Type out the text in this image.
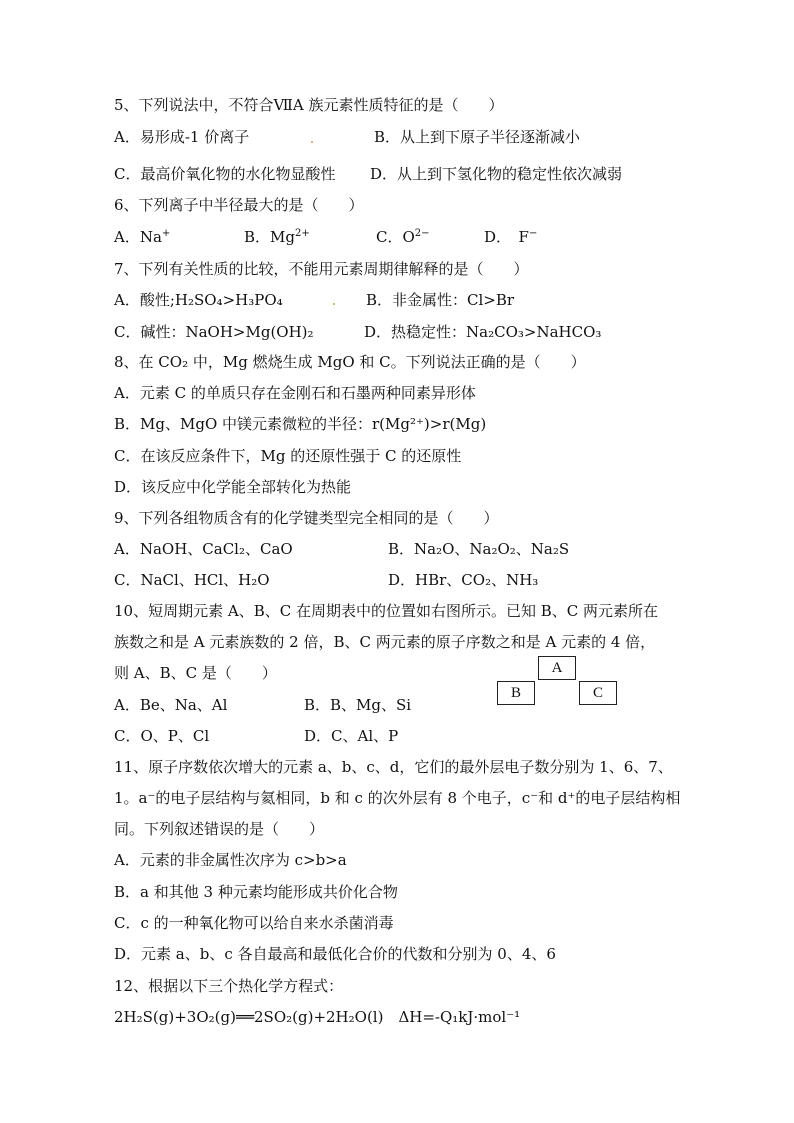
5、下列说法中，不符合ⅦA 族元素性质特征的是（　　）
A．易形成-1 价离子	B．从上到下原子半径逐渐减小
C．最高价氧化物的水化物显酸性 D．从上到下氢化物的稳定性依次减弱
6、下列离子中半径最大的是（　　）
A．Na+	B．$Mg^{2+}$	C．$O^{2-}$	D．　F−
7、下列有关性质的比较，不能用元素周期律解释的是（　　）
A．酸性;H₂SO₄>H₃PO₄	B．非金属性：Cl>Br
C．碱性：NaOH>Mg(OH)₂	D．热稳定性：Na₂CO₃>NaHCO₃
8、在 CO₂ 中，Mg 燃烧生成 MgO 和 C。下列说法正确的是（　　）
A．元素 C 的单质只存在金刚石和石墨两种同素异形体
B．Mg、MgO 中镁元素微粒的半径：r(Mg²⁺)>r(Mg)
C．在该反应条件下，Mg 的还原性强于 C 的还原性
D．该反应中化学能全部转化为热能
9、下列各组物质含有的化学键类型完全相同的是（　　）
A．NaOH、CaCl₂、CaO	B．Na₂O、Na₂O₂、Na₂S
C．NaCl、HCl、H₂O	D．HBr、CO₂、NH₃
10、短周期元素 A、B、C 在周期表中的位置如右图所示。已知 B、C 两元素所在
族数之和是 A 元素族数的 2 倍，B、C 两元素的原子序数之和是 A 元素的 4 倍，
则 A、B、C 是（　　）	A
B	C
A．Be、Na、Al	B．B、Mg、Si
C．O、P、Cl	D．C、Al、P
11、原子序数依次增大的元素 a、b、c、d，它们的最外层电子数分别为 1、6、7、
1。a⁻的电子层结构与氦相同，b 和 c 的次外层有 8 个电子，c⁻和 d⁺的电子层结构相
同。下列叙述错误的是（　　）
A．元素的非金属性次序为 c>b>a
B．a 和其他 3 种元素均能形成共价化合物
C．c 的一种氧化物可以给自来水杀菌消毒
D．元素 a、b、c 各自最高和最低化合价的代数和分别为 0、4、6
12、根据以下三个热化学方程式：
2H₂S(g)+3O₂(g)══2SO₂(g)+2H₂O(l)　ΔH=-Q₁kJ·mol⁻¹
